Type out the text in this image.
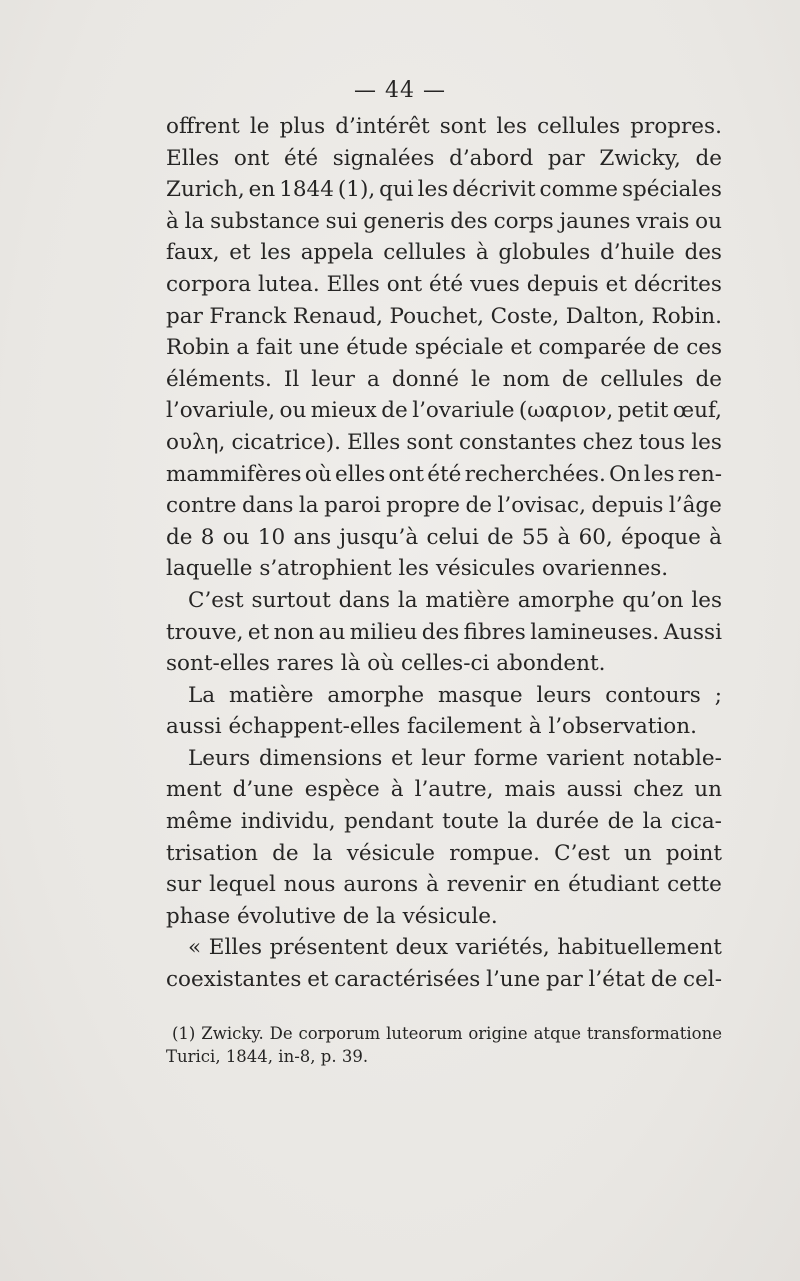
— 44 —
offrent le plus d’intérêt sont les cellules propres.
Elles ont été signalées d’abord par Zwicky, de
Zurich, en 1844 (1), qui les décrivit comme spéciales
à la substance sui generis des corps jaunes vrais ou
faux, et les appela cellules à globules d’huile des
corpora lutea. Elles ont été vues depuis et décrites
par Franck Renaud, Pouchet, Coste, Dalton, Robin.
Robin a fait une étude spéciale et comparée de ces
éléments. Il leur a donné le nom de cellules de
l’ovariule, ou mieux de l’ovariule (ωαριον, petit œuf,
ουλη, cicatrice). Elles sont constantes chez tous les
mammifères où elles ont été recherchées. On les ren-
contre dans la paroi propre de l’ovisac, depuis l’âge
de 8 ou 10 ans jusqu’à celui de 55 à 60, époque à
laquelle s’atrophient les vésicules ovariennes.
C’est surtout dans la matière amorphe qu’on les
trouve, et non au milieu des fibres lamineuses. Aussi
sont-elles rares là où celles-ci abondent.
La matière amorphe masque leurs contours ;
aussi échappent-elles facilement à l’observation.
Leurs dimensions et leur forme varient notable-
ment d’une espèce à l’autre, mais aussi chez un
même individu, pendant toute la durée de la cica-
trisation de la vésicule rompue. C’est un point
sur lequel nous aurons à revenir en étudiant cette
phase évolutive de la vésicule.
« Elles présentent deux variétés, habituellement
coexistantes et caractérisées l’une par l’état de cel-
(1) Zwicky. De corporum luteorum origine atque transformatione
Turici, 1844, in-8, p. 39.
